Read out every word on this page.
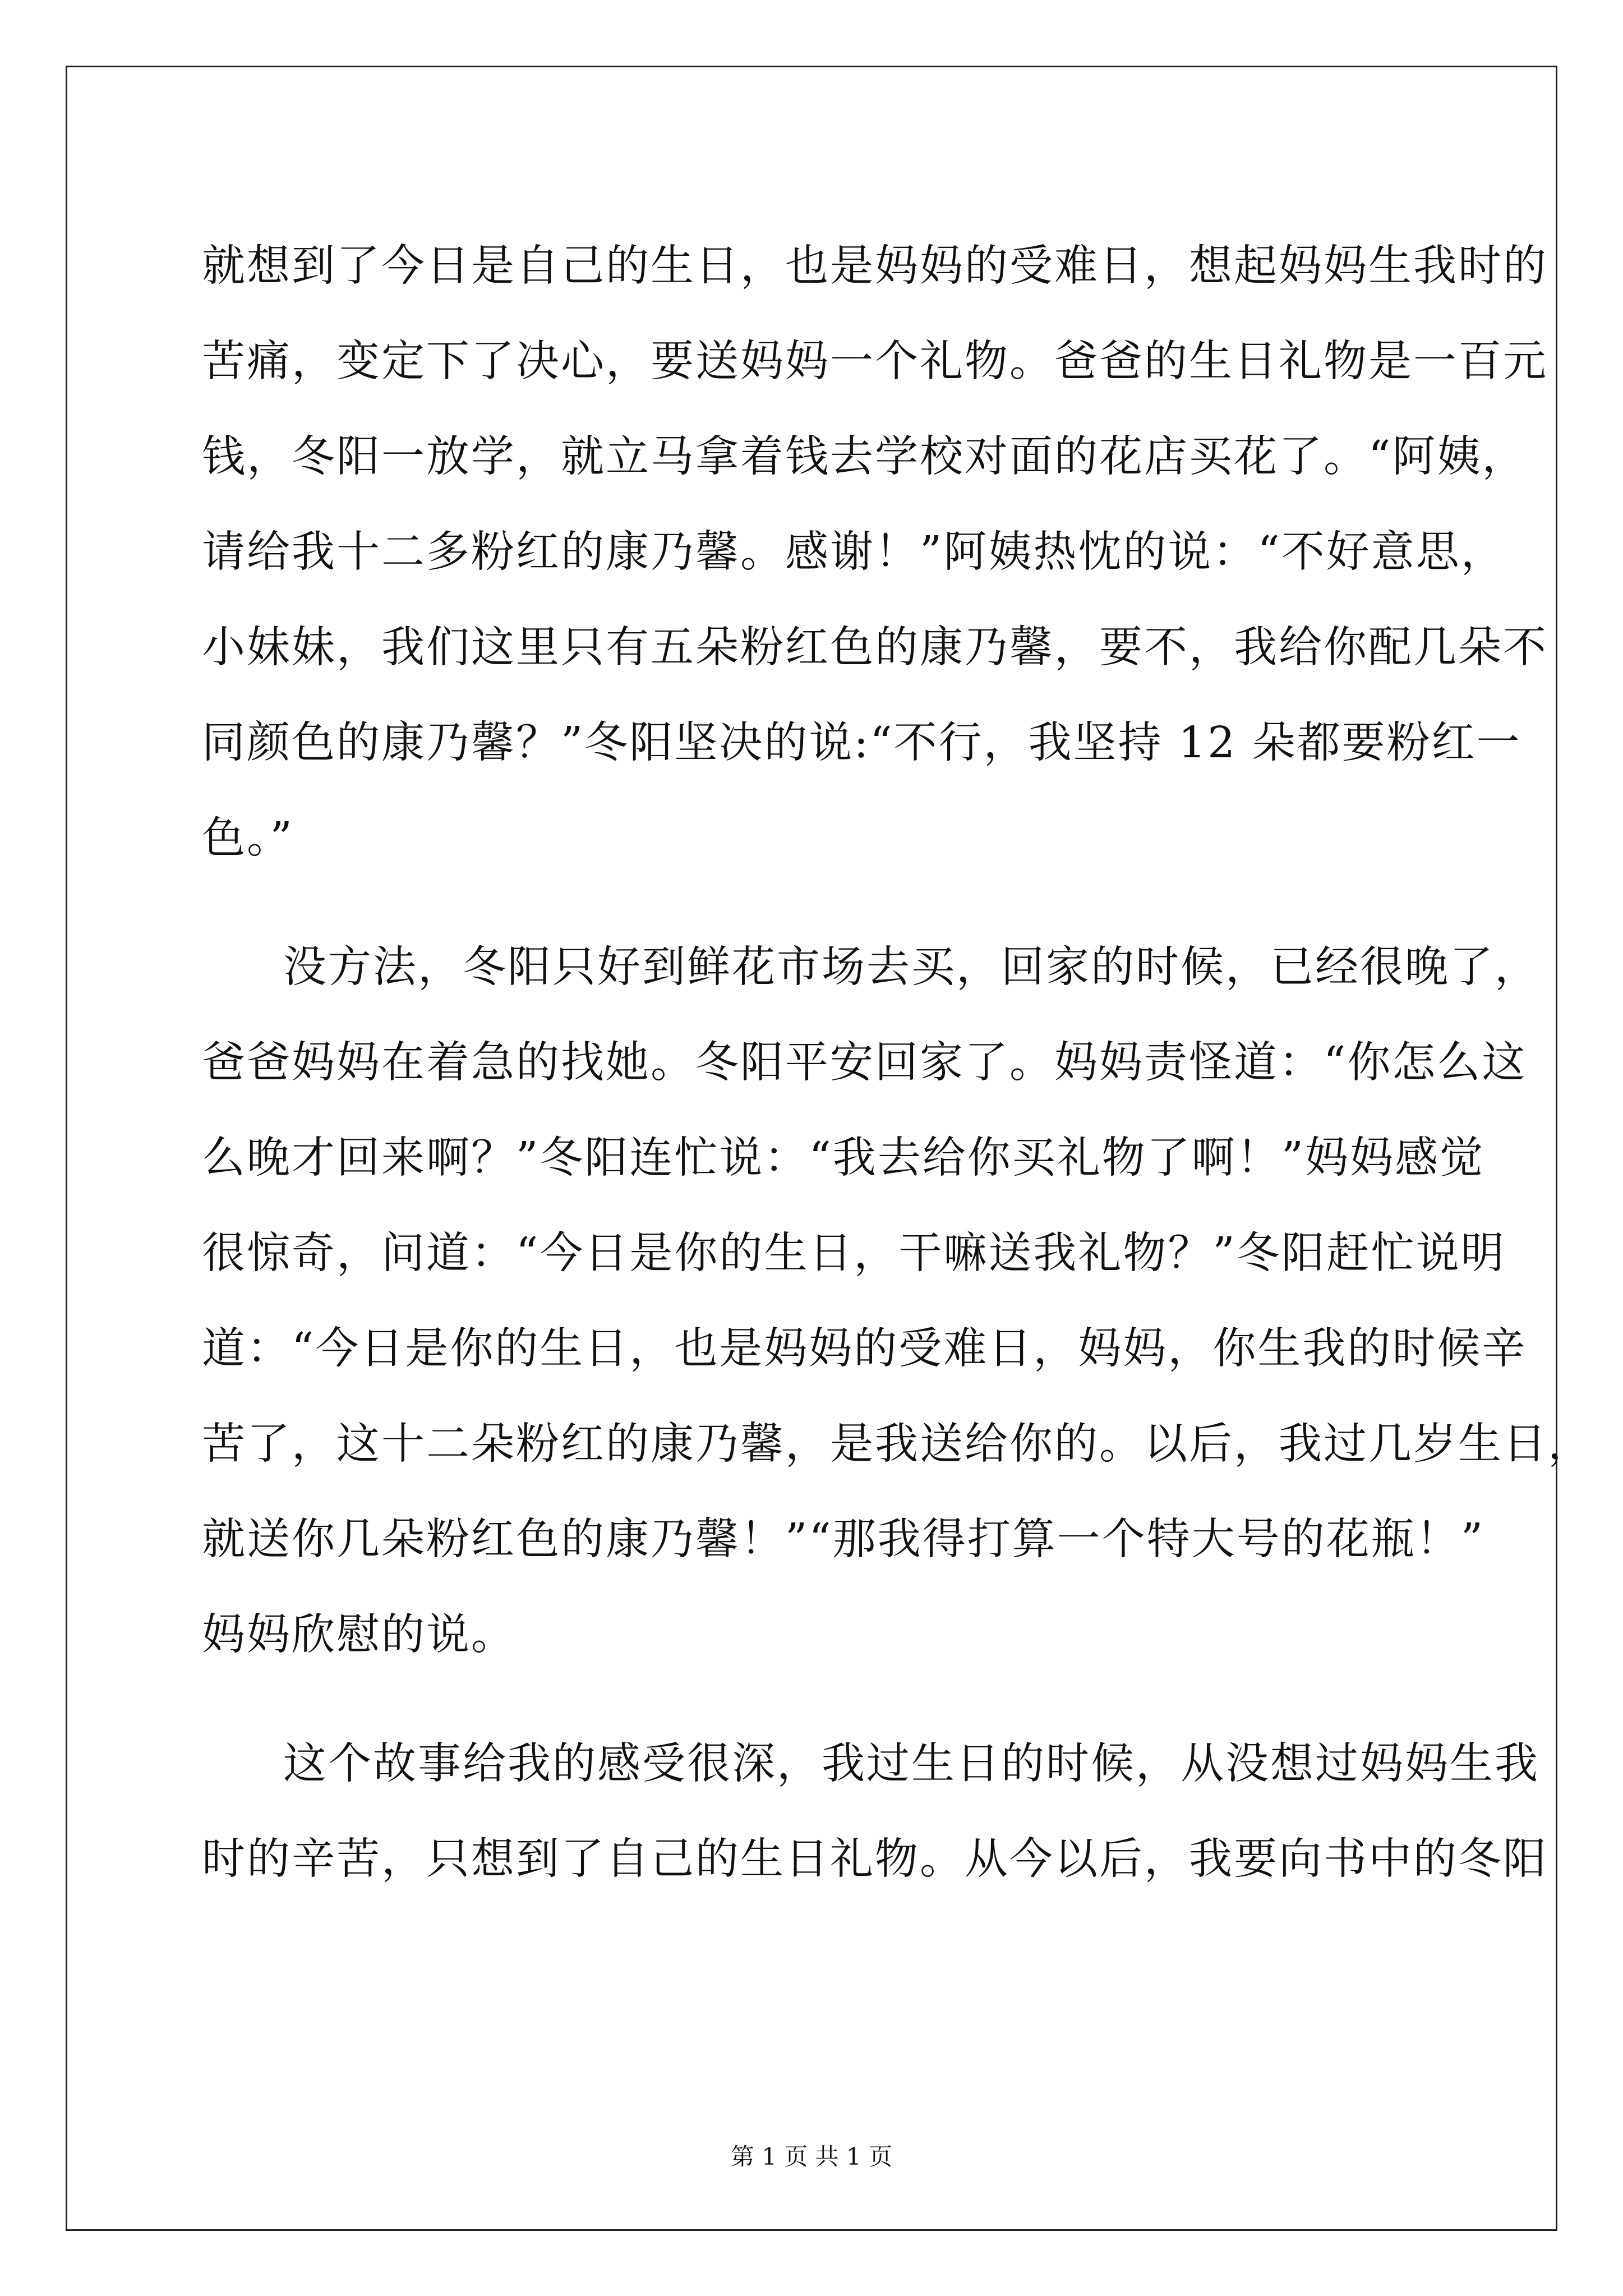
就想到了今日是自己的生日，也是妈妈的受难日，想起妈妈生我时的
苦痛，变定下了决心，要送妈妈一个礼物。爸爸的生日礼物是一百元
钱，冬阳一放学，就立马拿着钱去学校对面的花店买花了。“阿姨，
请给我十二多粉红的康乃馨。感谢！”阿姨热忱的说：“不好意思，
小妹妹，我们这里只有五朵粉红色的康乃馨，要不，我给你配几朵不
同颜色的康乃馨？”冬阳坚决的说:“不行，我坚持 12 朵都要粉红一
色。”
没方法，冬阳只好到鲜花市场去买，回家的时候，已经很晚了，
爸爸妈妈在着急的找她。冬阳平安回家了。妈妈责怪道：“你怎么这
么晚才回来啊？”冬阳连忙说：“我去给你买礼物了啊！”妈妈感觉
很惊奇，问道：“今日是你的生日，干嘛送我礼物？”冬阳赶忙说明
道：“今日是你的生日，也是妈妈的受难日，妈妈，你生我的时候辛
苦了，这十二朵粉红的康乃馨，是我送给你的。以后，我过几岁生日，
就送你几朵粉红色的康乃馨！”“那我得打算一个特大号的花瓶！”
妈妈欣慰的说。
这个故事给我的感受很深，我过生日的时候，从没想过妈妈生我
时的辛苦，只想到了自己的生日礼物。从今以后，我要向书中的冬阳
第 1 页 共 1 页
